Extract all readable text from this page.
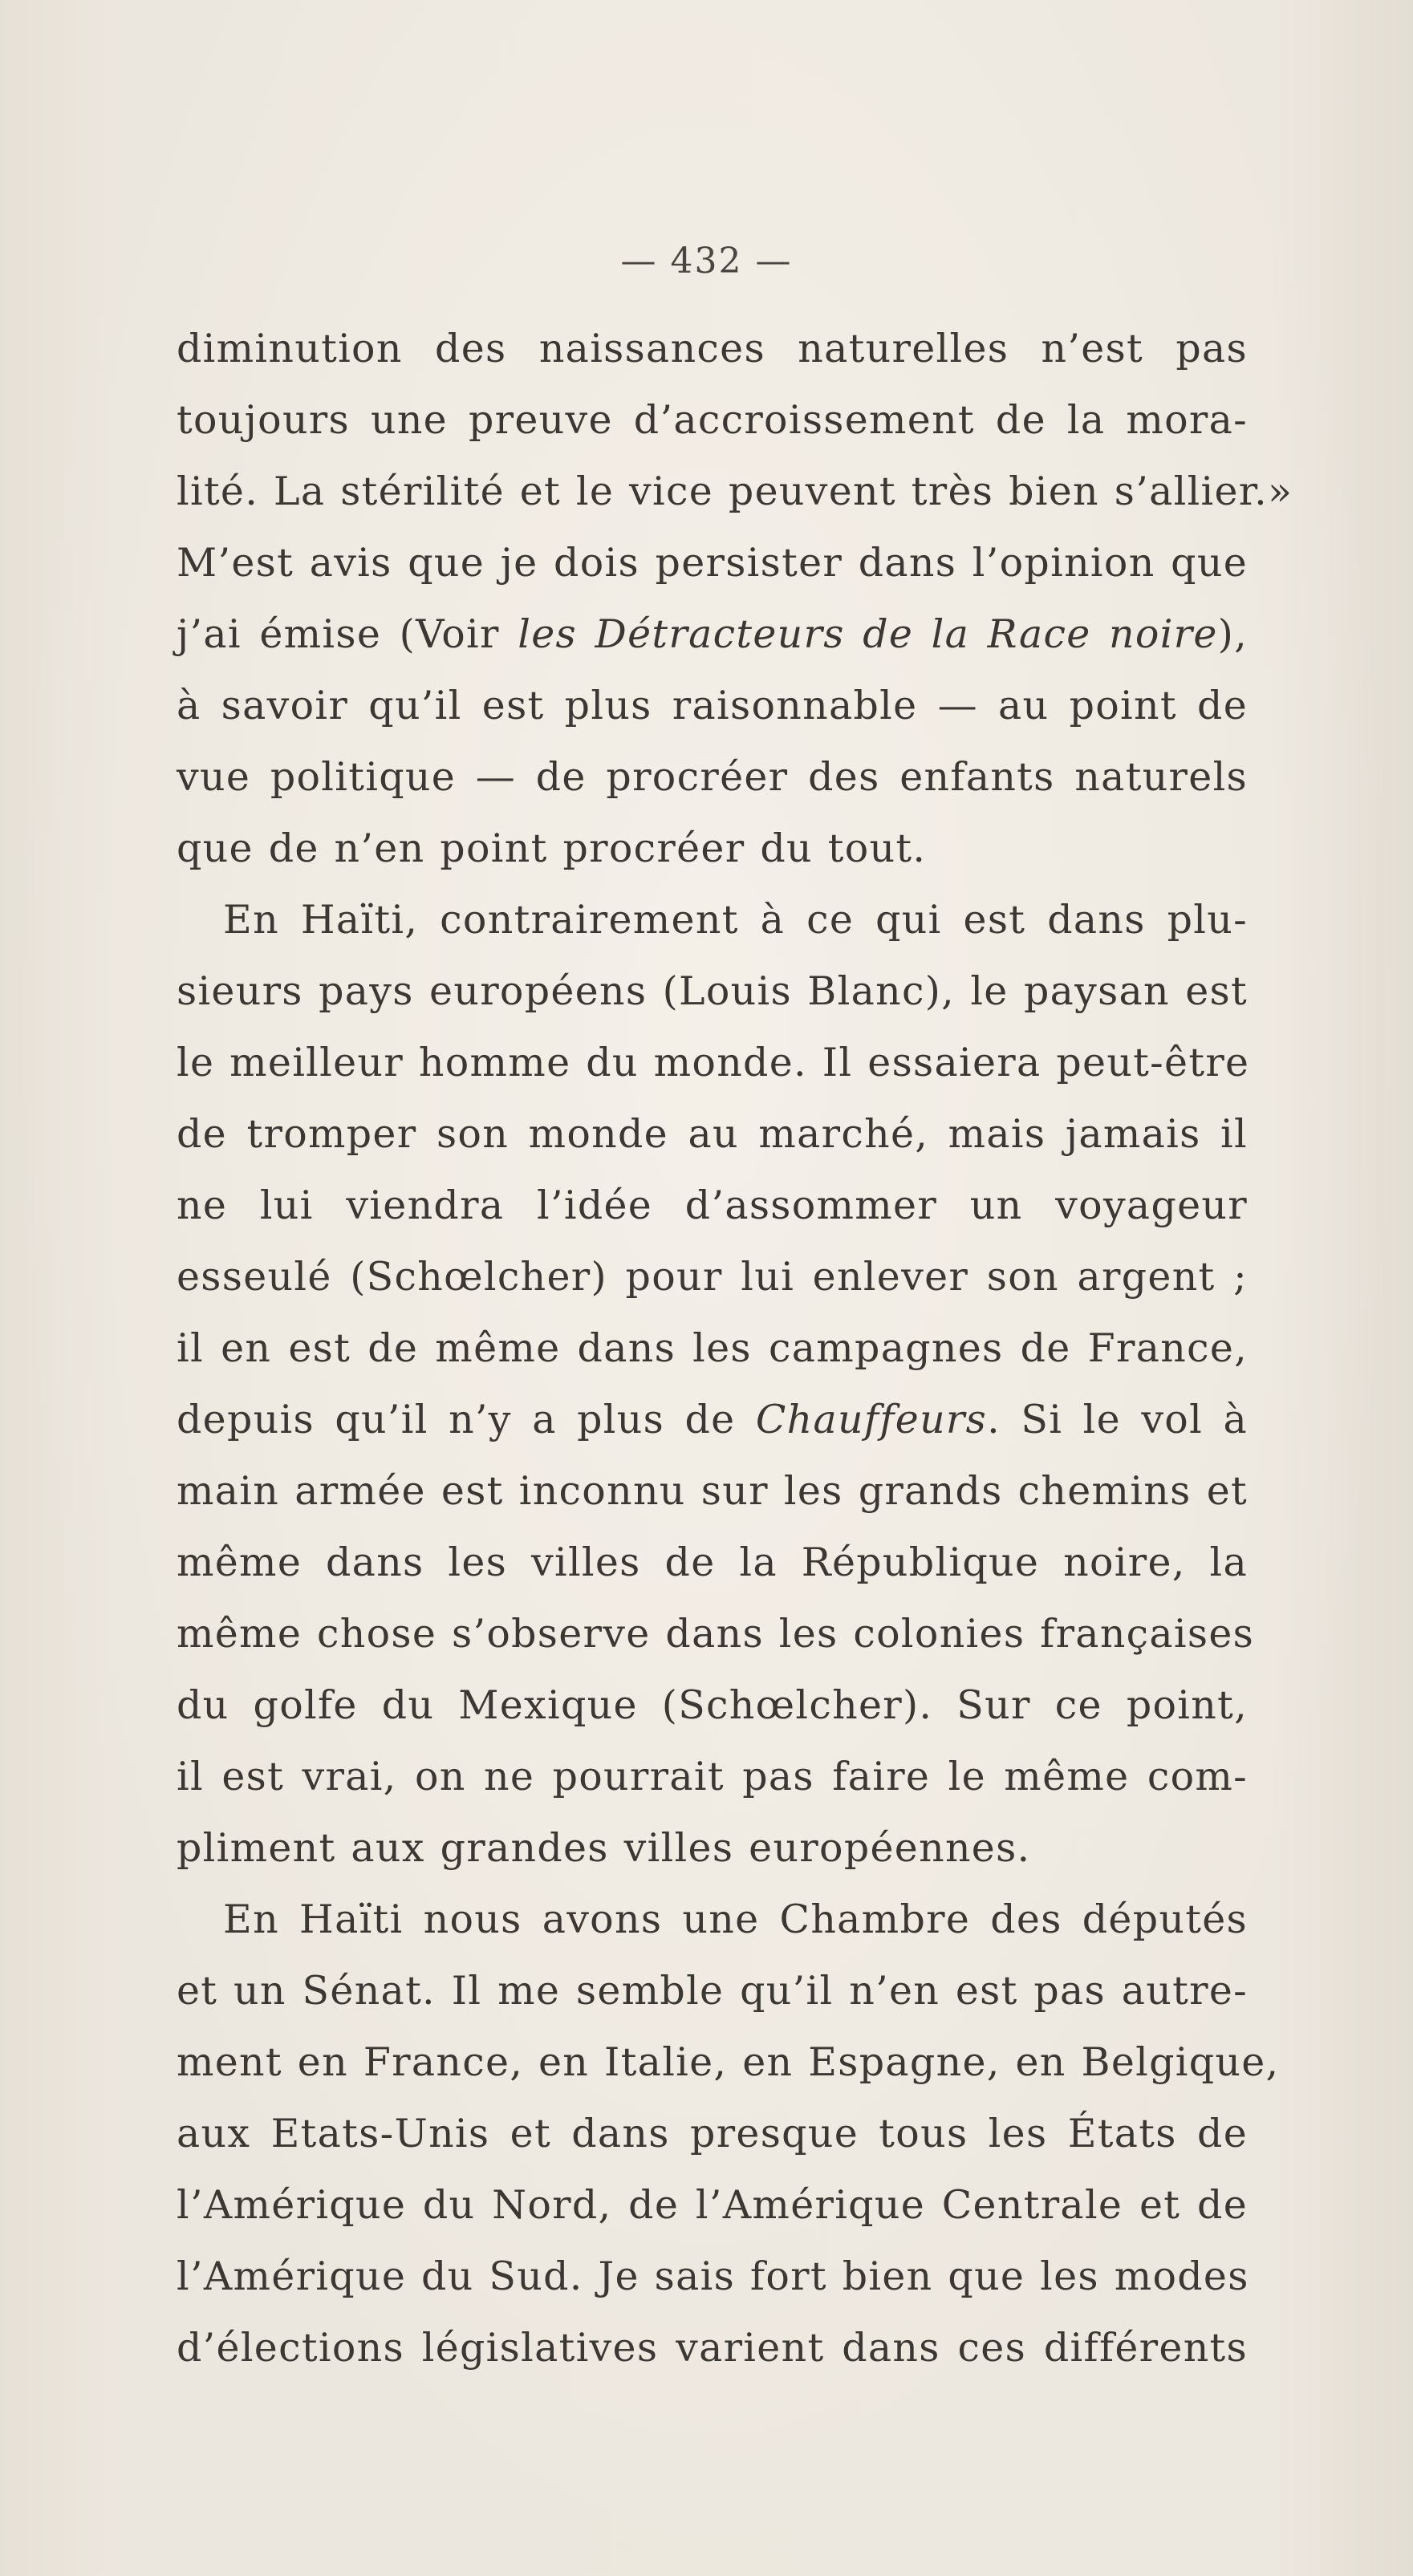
— 432 —
diminution des naissances naturelles n’est pas
toujours une preuve d’accroissement de la mora-
lité. La stérilité et le vice peuvent très bien s’allier.»
M’est avis que je dois persister dans l’opinion que
j’ai émise (Voir les Détracteurs de la Race noire),
à savoir qu’il est plus raisonnable — au point de
vue politique — de procréer des enfants naturels
que de n’en point procréer du tout.
En Haïti, contrairement à ce qui est dans plu-
sieurs pays européens (Louis Blanc), le paysan est
le meilleur homme du monde. Il essaiera peut-être
de tromper son monde au marché, mais jamais il
ne lui viendra l’idée d’assommer un voyageur
esseulé (Schœlcher) pour lui enlever son argent ;
il en est de même dans les campagnes de France,
depuis qu’il n’y a plus de Chauffeurs. Si le vol à
main armée est inconnu sur les grands chemins et
même dans les villes de la République noire, la
même chose s’observe dans les colonies françaises
du golfe du Mexique (Schœlcher). Sur ce point,
il est vrai, on ne pourrait pas faire le même com-
pliment aux grandes villes européennes.
En Haïti nous avons une Chambre des députés
et un Sénat. Il me semble qu’il n’en est pas autre-
ment en France, en Italie, en Espagne, en Belgique,
aux Etats-Unis et dans presque tous les États de
l’Amérique du Nord, de l’Amérique Centrale et de
l’Amérique du Sud. Je sais fort bien que les modes
d’élections législatives varient dans ces différents
